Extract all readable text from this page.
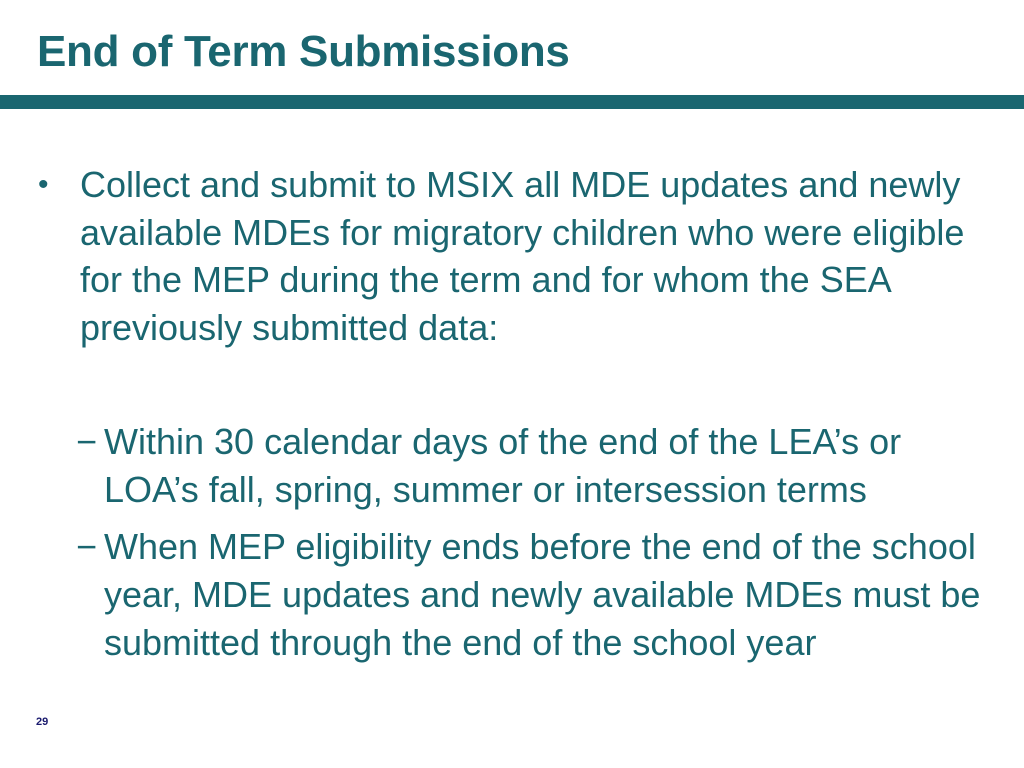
End of Term Submissions
• Collect and submit to MSIX all MDE updates and newly available MDEs for migratory children who were eligible for the MEP during the term and for whom the SEA previously submitted data:
− Within 30 calendar days of the end of the LEA’s or LOA’s fall, spring, summer or intersession terms
− When MEP eligibility ends before the end of the school year, MDE updates and newly available MDEs must be submitted through the end of the school year
29
